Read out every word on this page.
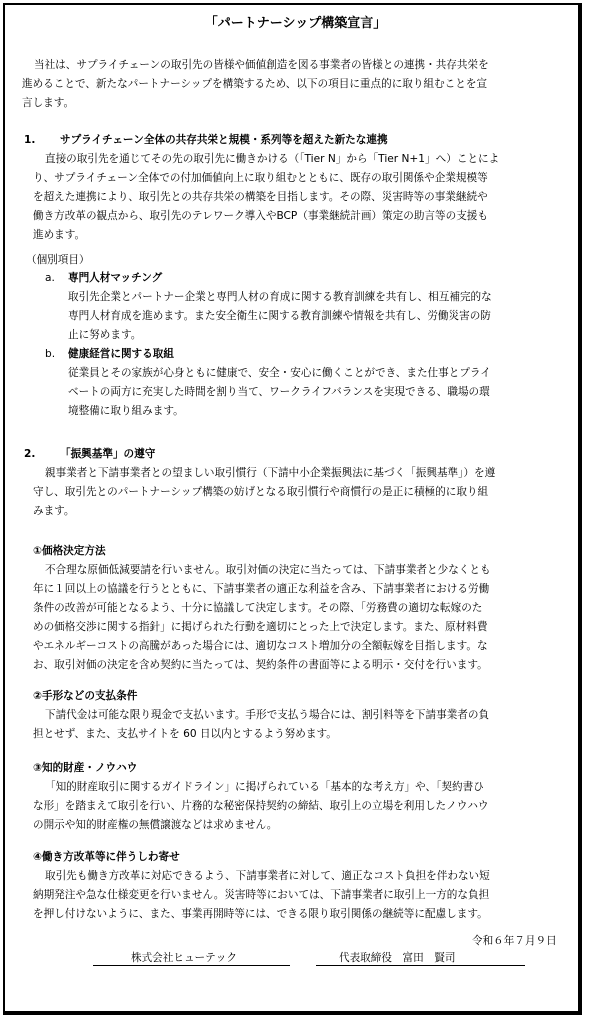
「パートナーシップ構築宣言」
当社は、サプライチェーンの取引先の皆様や価値創造を図る事業者の皆様との連携・共存共栄を
進めることで、新たなパートナーシップを構築するため、以下の項目に重点的に取り組むことを宣
言します。
1. サプライチェーン全体の共存共栄と規模・系列等を超えた新たな連携
直接の取引先を通じてその先の取引先に働きかける（「Tier N」から「Tier N+1」へ）ことによ
り、サプライチェーン全体での付加価値向上に取り組むとともに、既存の取引関係や企業規模等
を超えた連携により、取引先との共存共栄の構築を目指します。その際、災害時等の事業継続や
働き方改革の観点から、取引先のテレワーク導入やBCP（事業継続計画）策定の助言等の支援も
進めます。
（個別項目）
a. 専門人材マッチング
取引先企業とパートナー企業と専門人材の育成に関する教育訓練を共有し、相互補完的な
専門人材育成を進めます。また安全衛生に関する教育訓練や情報を共有し、労働災害の防
止に努めます。
b. 健康経営に関する取組
従業員とその家族が心身ともに健康で、安全・安心に働くことができ、また仕事とプライ
ベートの両方に充実した時間を割り当て、ワークライフバランスを実現できる、職場の環
境整備に取り組みます。
2. 「振興基準」の遵守
親事業者と下請事業者との望ましい取引慣行（下請中小企業振興法に基づく「振興基準」）を遵
守し、取引先とのパートナーシップ構築の妨げとなる取引慣行や商慣行の是正に積極的に取り組
みます。
①価格決定方法
不合理な原価低減要請を行いません。取引対価の決定に当たっては、下請事業者と少なくとも
年に１回以上の協議を行うとともに、下請事業者の適正な利益を含み、下請事業者における労働
条件の改善が可能となるよう、十分に協議して決定します。その際、「労務費の適切な転嫁のた
めの価格交渉に関する指針」に掲げられた行動を適切にとった上で決定します。また、原材料費
やエネルギーコストの高騰があった場合には、適切なコスト増加分の全額転嫁を目指します。な
お、取引対価の決定を含め契約に当たっては、契約条件の書面等による明示・交付を行います。
②手形などの支払条件
下請代金は可能な限り現金で支払います。手形で支払う場合には、割引料等を下請事業者の負
担とせず、また、支払サイトを 60 日以内とするよう努めます。
③知的財産・ノウハウ
「知的財産取引に関するガイドライン」に掲げられている「基本的な考え方」や、「契約書ひ
な形」を踏まえて取引を行い、片務的な秘密保持契約の締結、取引上の立場を利用したノウハウ
の開示や知的財産権の無償譲渡などは求めません。
④働き方改革等に伴うしわ寄せ
取引先も働き方改革に対応できるよう、下請事業者に対して、適正なコスト負担を伴わない短
納期発注や急な仕様変更を行いません。災害時等においては、下請事業者に取引上一方的な負担
を押し付けないように、また、事業再開時等には、できる限り取引関係の継続等に配慮します。
令和６年７月９日
株式会社ヒューテック	代表取締役　富田　賢司
